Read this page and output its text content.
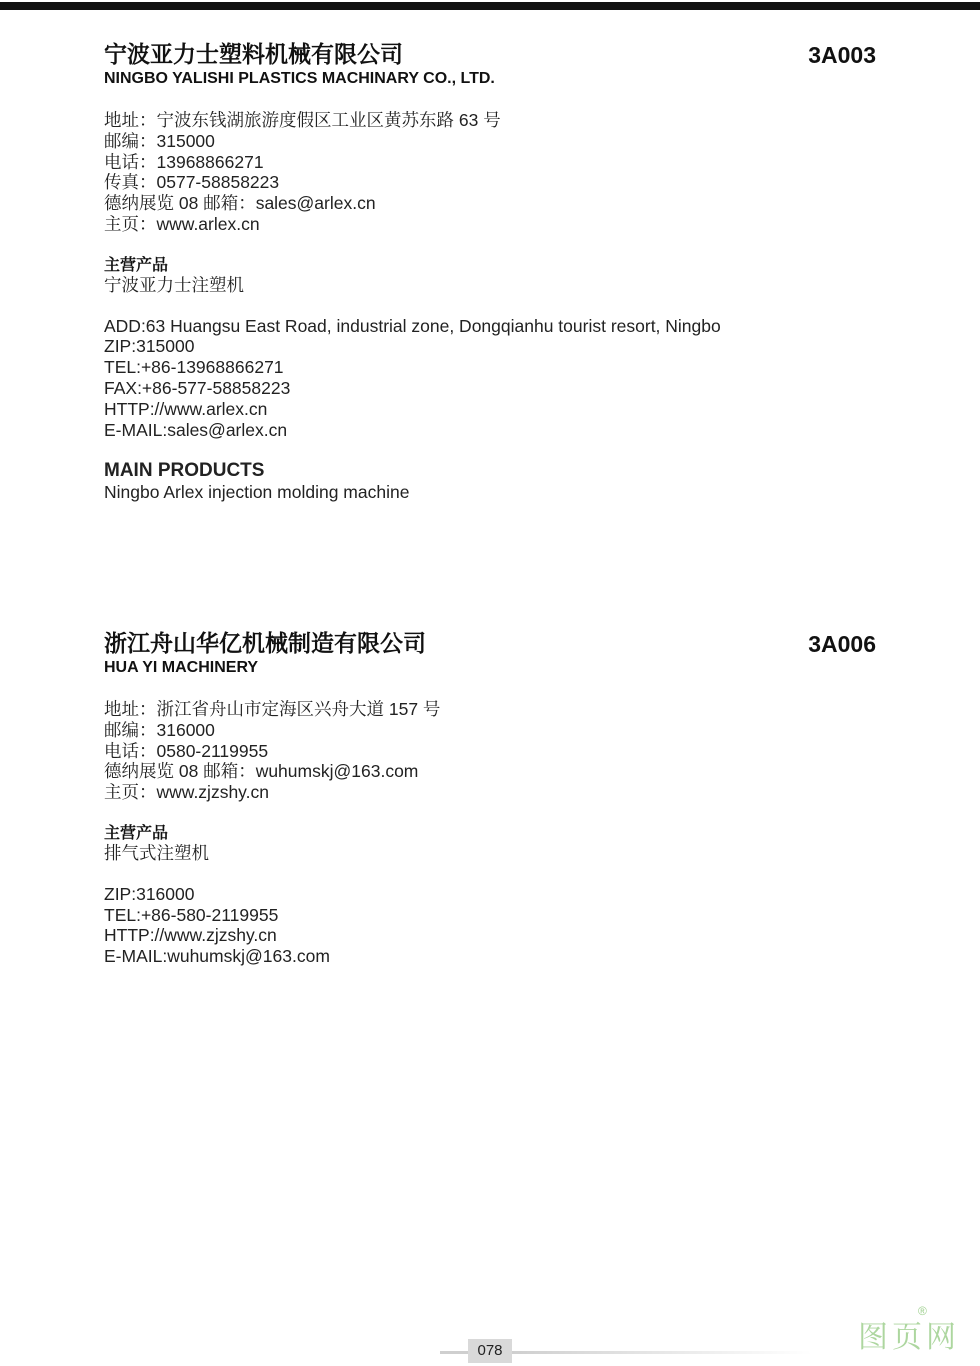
宁波亚力士塑料机械有限公司
NINGBO YALISHI PLASTICS MACHINARY CO., LTD.
3A003
地址：宁波东钱湖旅游度假区工业区黄苏东路 63 号
邮编：315000
电话：13968866271
传真：0577-58858223
德纳展览 08 邮箱：sales@arlex.cn
主页：www.arlex.cn
主营产品
宁波亚力士注塑机
ADD:63 Huangsu East Road, industrial zone, Dongqianhu tourist resort, Ningbo
ZIP:315000
TEL:+86-13968866271
FAX:+86-577-58858223
HTTP://www.arlex.cn
E-MAIL:sales@arlex.cn
MAIN PRODUCTS
Ningbo Arlex injection molding machine
浙江舟山华亿机械制造有限公司
HUA YI MACHINERY
3A006
地址：浙江省舟山市定海区兴舟大道 157 号
邮编：316000
电话：0580-2119955
德纳展览 08 邮箱：wuhumskj@163.com
主页：www.zjzshy.cn
主营产品
排气式注塑机
ZIP:316000
TEL:+86-580-2119955
HTTP://www.zjzshy.cn
E-MAIL:wuhumskj@163.com
078	图页网
®
